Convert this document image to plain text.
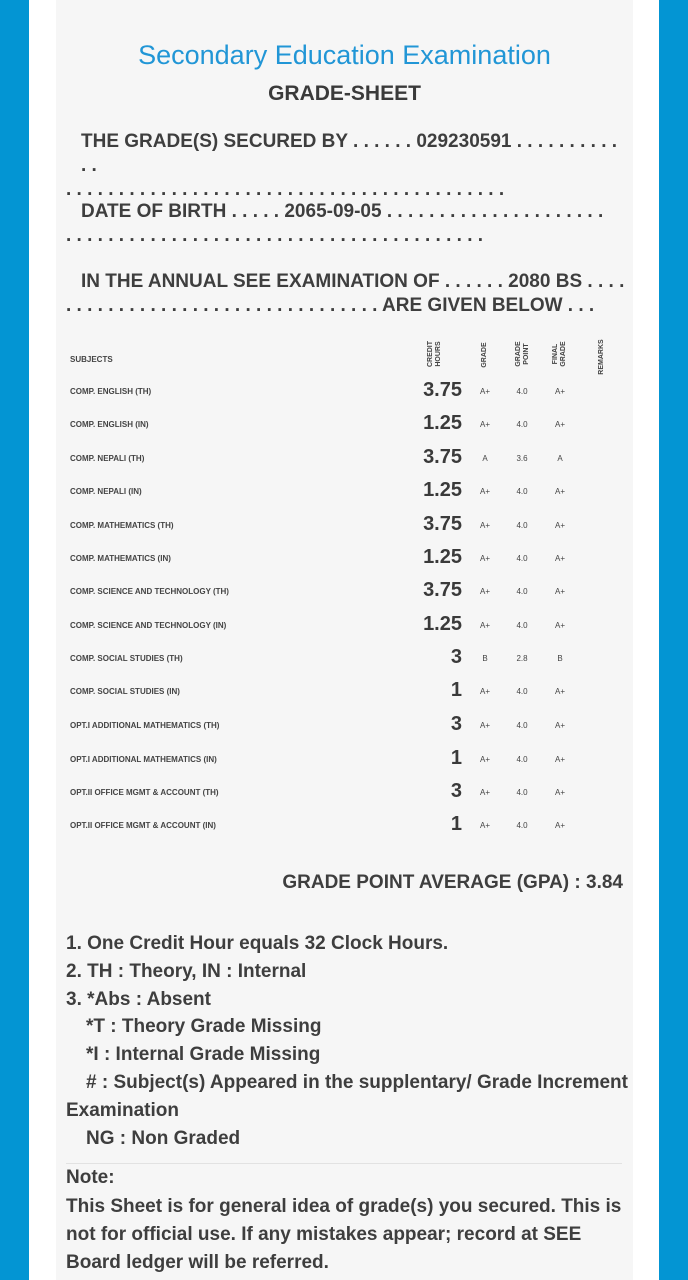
Secondary Education Examination
GRADE-SHEET
THE GRADE(S) SECURED BY . . . . . . 029230591 . . . . . . . . . . . .
. . . . . . . . . . . . . . . . . . . . . . . . . . . . . . . . . . . . . . . . . .
DATE OF BIRTH . . . . . 2065-09-05 . . . . . . . . . . . . . . . . . . . . .
. . . . . . . . . . . . . . . . . . . . . . . . . . . . . . . . . . . . . . . .
IN THE ANNUAL SEE EXAMINATION OF . . . . . . 2080 BS . . . .
. . . . . . . . . . . . . . . . . . . . . . . . . . . . . . ARE GIVEN BELOW . . .
SUBJECTS	CREDIT HOURS	GRADE	GRADE POINT	FINAL GRADE	REMARKS
COMP. ENGLISH (TH)	3.75	A+	4.0	A+
COMP. ENGLISH (IN)	1.25	A+	4.0	A+
COMP. NEPALI (TH)	3.75	A	3.6	A
COMP. NEPALI (IN)	1.25	A+	4.0	A+
COMP. MATHEMATICS (TH)	3.75	A+	4.0	A+
COMP. MATHEMATICS (IN)	1.25	A+	4.0	A+
COMP. SCIENCE AND TECHNOLOGY (TH)	3.75	A+	4.0	A+
COMP. SCIENCE AND TECHNOLOGY (IN)	1.25	A+	4.0	A+
COMP. SOCIAL STUDIES (TH)	3	B	2.8	B
COMP. SOCIAL STUDIES (IN)	1	A+	4.0	A+
OPT.I ADDITIONAL MATHEMATICS (TH)	3	A+	4.0	A+
OPT.I ADDITIONAL MATHEMATICS (IN)	1	A+	4.0	A+
OPT.II OFFICE MGMT & ACCOUNT (TH)	3	A+	4.0	A+
OPT.II OFFICE MGMT & ACCOUNT (IN)	1	A+	4.0	A+
GRADE POINT AVERAGE (GPA) : 3.84
1. One Credit Hour equals 32 Clock Hours.
2. TH : Theory, IN : Internal
3. *Abs : Absent
*T : Theory Grade Missing
*I : Internal Grade Missing
# : Subject(s) Appeared in the supplentary/ Grade Increment
Examination
NG : Non Graded
Note:
This Sheet is for general idea of grade(s) you secured. This is not for official use. If any mistakes appear; record at SEE Board ledger will be referred.
